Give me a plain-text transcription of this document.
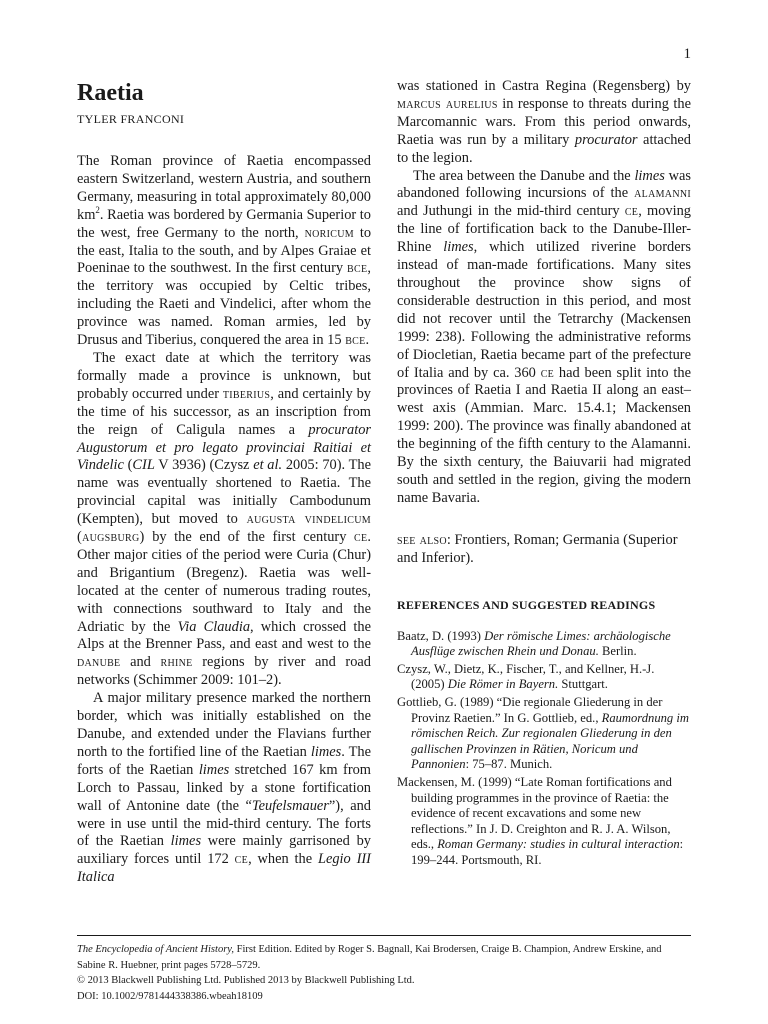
1
Raetia
TYLER FRANCONI

The Roman province of Raetia encompassed eastern Switzerland, western Austria, and southern Germany, measuring in total approximately 80,000 $km^2$. Raetia was bordered by Germania Superior to the west, free Germany to the north, noricum to the east, Italia to the south, and by Alpes Graiae et Poeninae to the southwest. In the first century bce, the territory was occupied by Celtic tribes, including the Raeti and Vindelici, after whom the province was named. Roman armies, led by Drusus and Tiberius, conquered the area in 15 bce.

The exact date at which the territory was formally made a province is unknown, but probably occurred under tiberius, and certainly by the time of his successor, as an inscription from the reign of Caligula names a procurator Augustorum et pro legato provinciai Raitiai et Vindelic (CIL V 3936) (Czysz et al. 2005: 70). The name was eventually shortened to Raetia. The provincial capital was initially Cambodunum (Kempten), but moved to augusta vindelicum (augsburg) by the end of the first century ce. Other major cities of the period were Curia (Chur) and Brigantium (Bregenz). Raetia was well-located at the center of numerous trading routes, with connections southward to Italy and the Adriatic by the Via Claudia, which crossed the Alps at the Brenner Pass, and east and west to the danube and rhine regions by river and road networks (Schimmer 2009: 101–2).

A major military presence marked the northern border, which was initially established on the Danube, and extended under the Flavians further north to the fortified line of the Raetian limes. The forts of the Raetian limes stretched 167 km from Lorch to Passau, linked by a stone fortification wall of Antonine date (the “Teufelsmauer”), and were in use until the mid-third century. The forts of the Raetian limes were mainly garrisoned by auxiliary forces until 172 ce, when the Legio III Italica

was stationed in Castra Regina (Regensberg) by marcus aurelius in response to threats during the Marcomannic wars. From this period onwards, Raetia was run by a military procurator attached to the legion.

The area between the Danube and the limes was abandoned following incursions of the alamanni and Juthungi in the mid-third century ce, moving the line of fortification back to the Danube-Iller-Rhine limes, which utilized riverine borders instead of man-made fortifications. Many sites throughout the province show signs of considerable destruction in this period, and most did not recover until the Tetrarchy (Mackensen 1999: 238). Following the administrative reforms of Diocletian, Raetia became part of the prefecture of Italia and by ca. 360 ce had been split into the provinces of Raetia I and Raetia II along an east–west axis (Ammian. Marc. 15.4.1; Mackensen 1999: 200). The province was finally abandoned at the beginning of the fifth century to the Alamanni. By the sixth century, the Baiuvarii had migrated south and settled in the region, giving the modern name Bavaria.

see also: Frontiers, Roman; Germania (Superior and Inferior).
REFERENCES AND SUGGESTED READINGS

Baatz, D. (1993) Der römische Limes: archäologische Ausflüge zwischen Rhein und Donau. Berlin.

Czysz, W., Dietz, K., Fischer, T., and Kellner, H.-J. (2005) Die Römer in Bayern. Stuttgart.

Gottlieb, G. (1989) “Die regionale Gliederung in der Provinz Raetien.” In G. Gottlieb, ed., Raumordnung im römischen Reich. Zur regionalen Gliederung in den gallischen Provinzen in Rätien, Noricum und Pannonien: 75–87. Munich.

Mackensen, M. (1999) “Late Roman fortifications and building programmes in the province of Raetia: the evidence of recent excavations and some new reflections.” In J. D. Creighton and R. J. A. Wilson, eds., Roman Germany: studies in cultural interaction: 199–244. Portsmouth, RI.

The Encyclopedia of Ancient History, First Edition. Edited by Roger S. Bagnall, Kai Brodersen, Craige B. Champion, Andrew Erskine, and Sabine R. Huebner, print pages 5728–5729.
© 2013 Blackwell Publishing Ltd. Published 2013 by Blackwell Publishing Ltd.
DOI: 10.1002/9781444338386.wbeah18109
